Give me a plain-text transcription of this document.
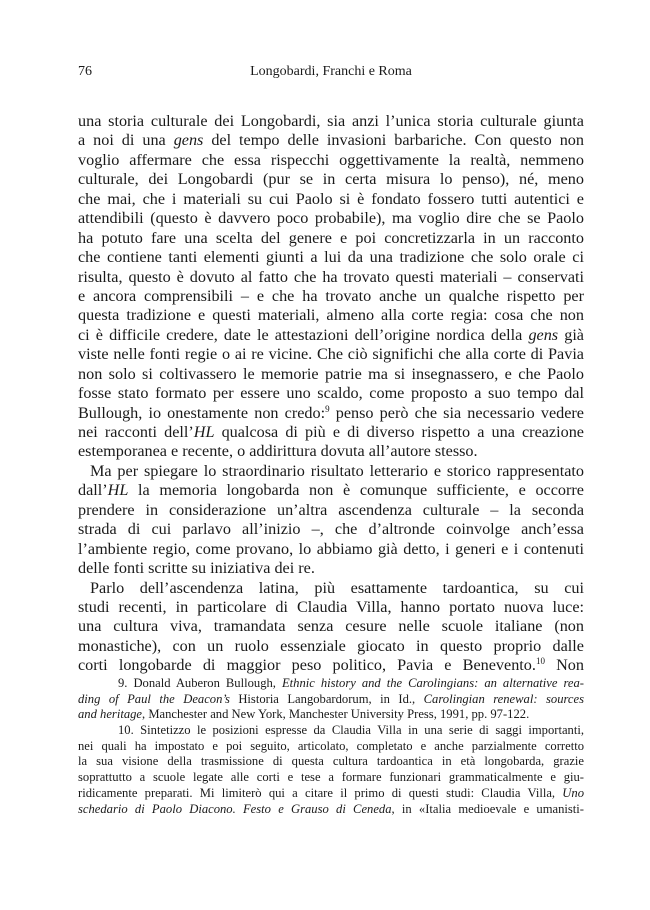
76	Longobardi, Franchi e Roma
una storia culturale dei Longobardi, sia anzi l’unica storia culturale giunta
a noi di una gens del tempo delle invasioni barbariche. Con questo non
voglio affermare che essa rispecchi oggettivamente la realtà, nemmeno
culturale, dei Longobardi (pur se in certa misura lo penso), né, meno
che mai, che i materiali su cui Paolo si è fondato fossero tutti autentici e
attendibili (questo è davvero poco probabile), ma voglio dire che se Paolo
ha potuto fare una scelta del genere e poi concretizzarla in un racconto
che contiene tanti elementi giunti a lui da una tradizione che solo orale ci
risulta, questo è dovuto al fatto che ha trovato questi materiali – conservati
e ancora comprensibili – e che ha trovato anche un qualche rispetto per
questa tradizione e questi materiali, almeno alla corte regia: cosa che non
ci è difficile credere, date le attestazioni dell’origine nordica della gens già
viste nelle fonti regie o ai re vicine. Che ciò significhi che alla corte di Pavia
non solo si coltivassero le memorie patrie ma si insegnassero, e che Paolo
fosse stato formato per essere uno scaldo, come proposto a suo tempo dal
Bullough, io onestamente non credo:$^9$ penso però che sia necessario vedere
nei racconti dell’HL qualcosa di più e di diverso rispetto a una creazione
estemporanea e recente, o addirittura dovuta all’autore stesso.
Ma per spiegare lo straordinario risultato letterario e storico rappresentato
dall’HL la memoria longobarda non è comunque sufficiente, e occorre
prendere in considerazione un’altra ascendenza culturale – la seconda
strada di cui parlavo all’inizio –, che d’altronde coinvolge anch’essa
l’ambiente regio, come provano, lo abbiamo già detto, i generi e i contenuti
delle fonti scritte su iniziativa dei re.
Parlo dell’ascendenza latina, più esattamente tardoantica, su cui
studi recenti, in particolare di Claudia Villa, hanno portato nuova luce:
una cultura viva, tramandata senza cesure nelle scuole italiane (non
monastiche), con un ruolo essenziale giocato in questo proprio dalle
corti longobarde di maggior peso politico, Pavia e Benevento.$^{10}$ Non
9. Donald Auberon Bullough, Ethnic history and the Carolingians: an alternative rea-
ding of Paul the Deacon’s Historia Langobardorum, in Id., Carolingian renewal: sources
and heritage, Manchester and New York, Manchester University Press, 1991, pp. 97-122.
10. Sintetizzo le posizioni espresse da Claudia Villa in una serie di saggi importanti,
nei quali ha impostato e poi seguito, articolato, completato e anche parzialmente corretto
la sua visione della trasmissione di questa cultura tardoantica in età longobarda, grazie
soprattutto a scuole legate alle corti e tese a formare funzionari grammaticalmente e giu-
ridicamente preparati. Mi limiterò qui a citare il primo di questi studi: Claudia Villa, Uno
schedario di Paolo Diacono. Festo e Grauso di Ceneda, in «Italia medioevale e umanisti-
